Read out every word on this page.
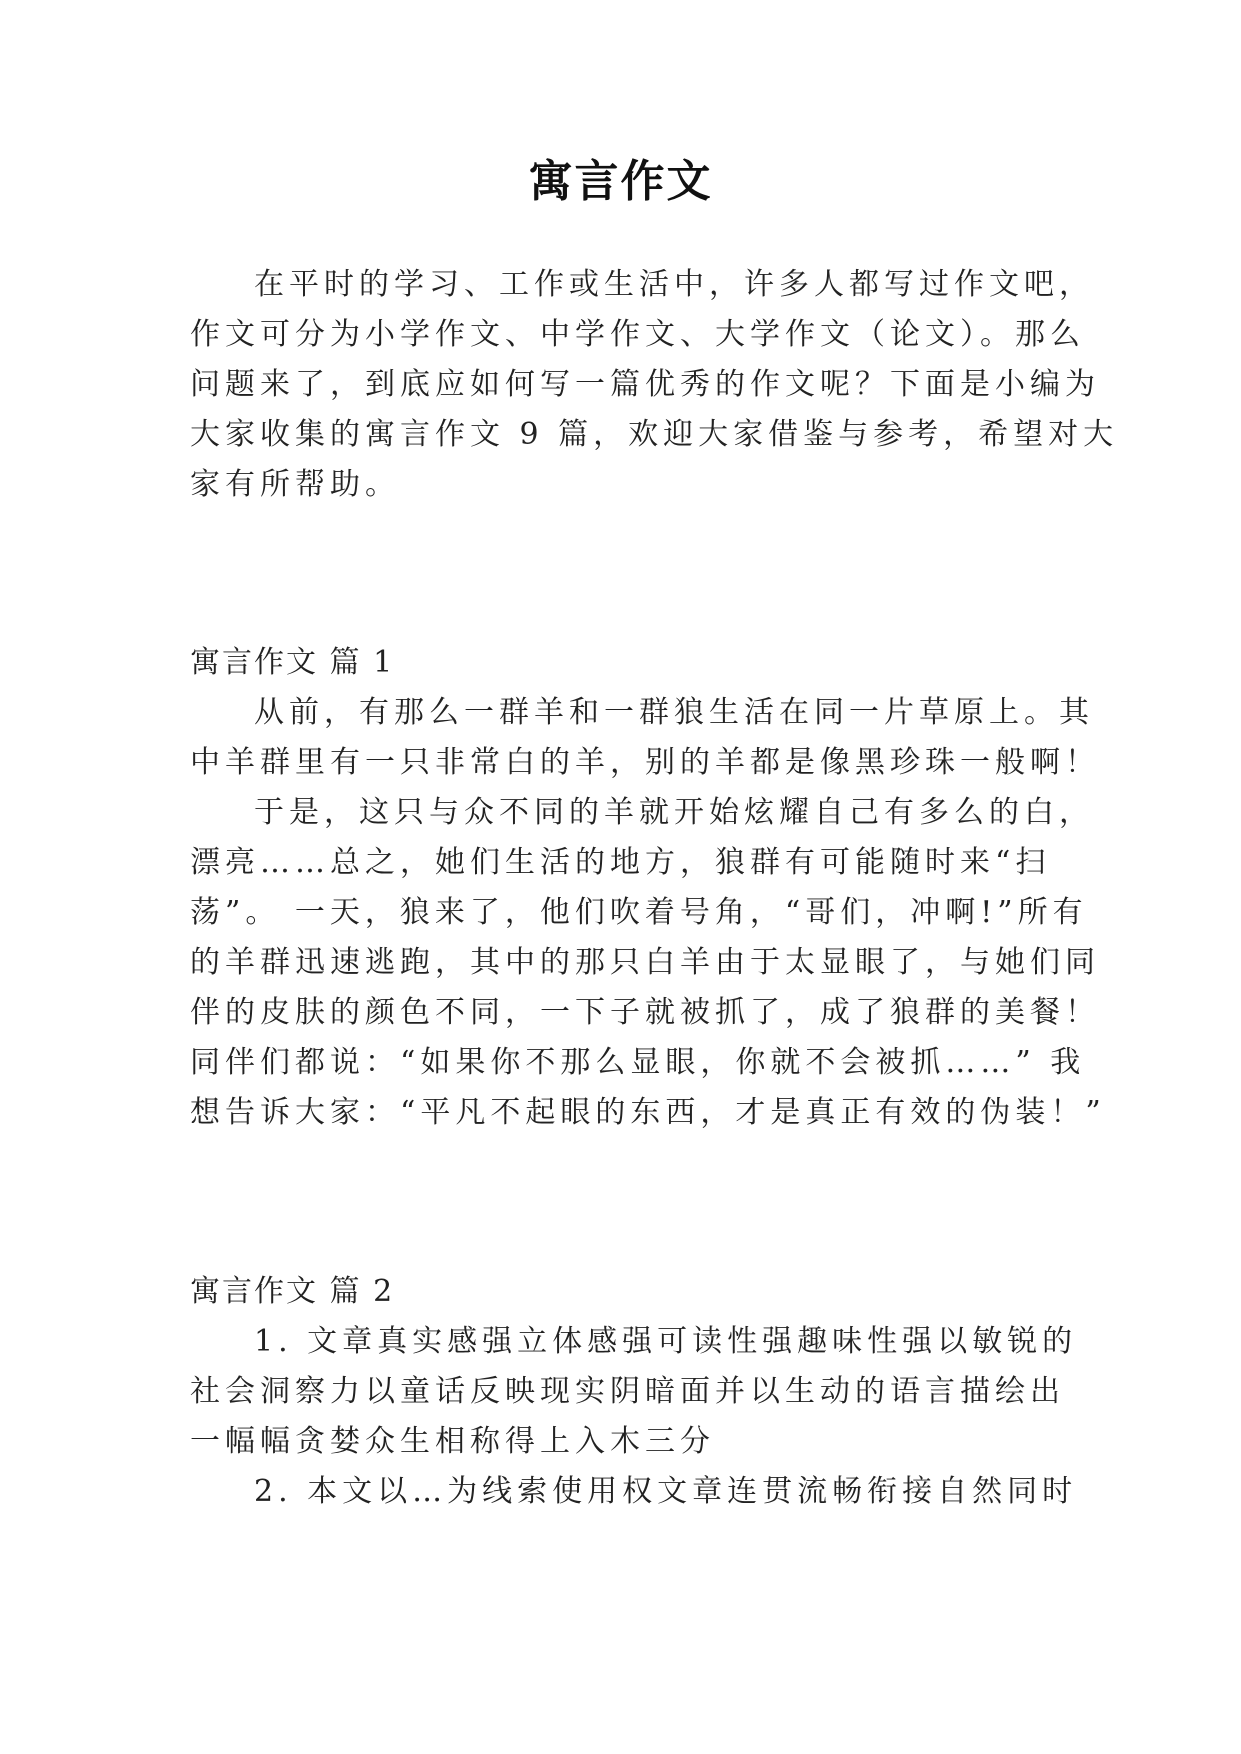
寓言作文
在平时的学习、工作或生活中，许多人都写过作文吧，
作文可分为小学作文、中学作文、大学作文（论文）。那么
问题来了，到底应如何写一篇优秀的作文呢？下面是小编为
大家收集的寓言作文 9 篇，欢迎大家借鉴与参考，希望对大
家有所帮助。
寓言作文 篇 1
从前，有那么一群羊和一群狼生活在同一片草原上。其
中羊群里有一只非常白的羊，别的羊都是像黑珍珠一般啊！
于是，这只与众不同的羊就开始炫耀自己有多么的白，
漂亮……总之，她们生活的地方，狼群有可能随时来“扫
荡”。 一天，狼来了，他们吹着号角，“哥们，冲啊!”所有
的羊群迅速逃跑，其中的那只白羊由于太显眼了，与她们同
伴的皮肤的颜色不同，一下子就被抓了，成了狼群的美餐！
同伴们都说：“如果你不那么显眼，你就不会被抓……” 我
想告诉大家：“平凡不起眼的东西，才是真正有效的伪装！”
寓言作文 篇 2
1. 文章真实感强立体感强可读性强趣味性强以敏锐的
社会洞察力以童话反映现实阴暗面并以生动的语言描绘出
一幅幅贪婪众生相称得上入木三分
2. 本文以…为线索使用权文章连贯流畅衔接自然同时
